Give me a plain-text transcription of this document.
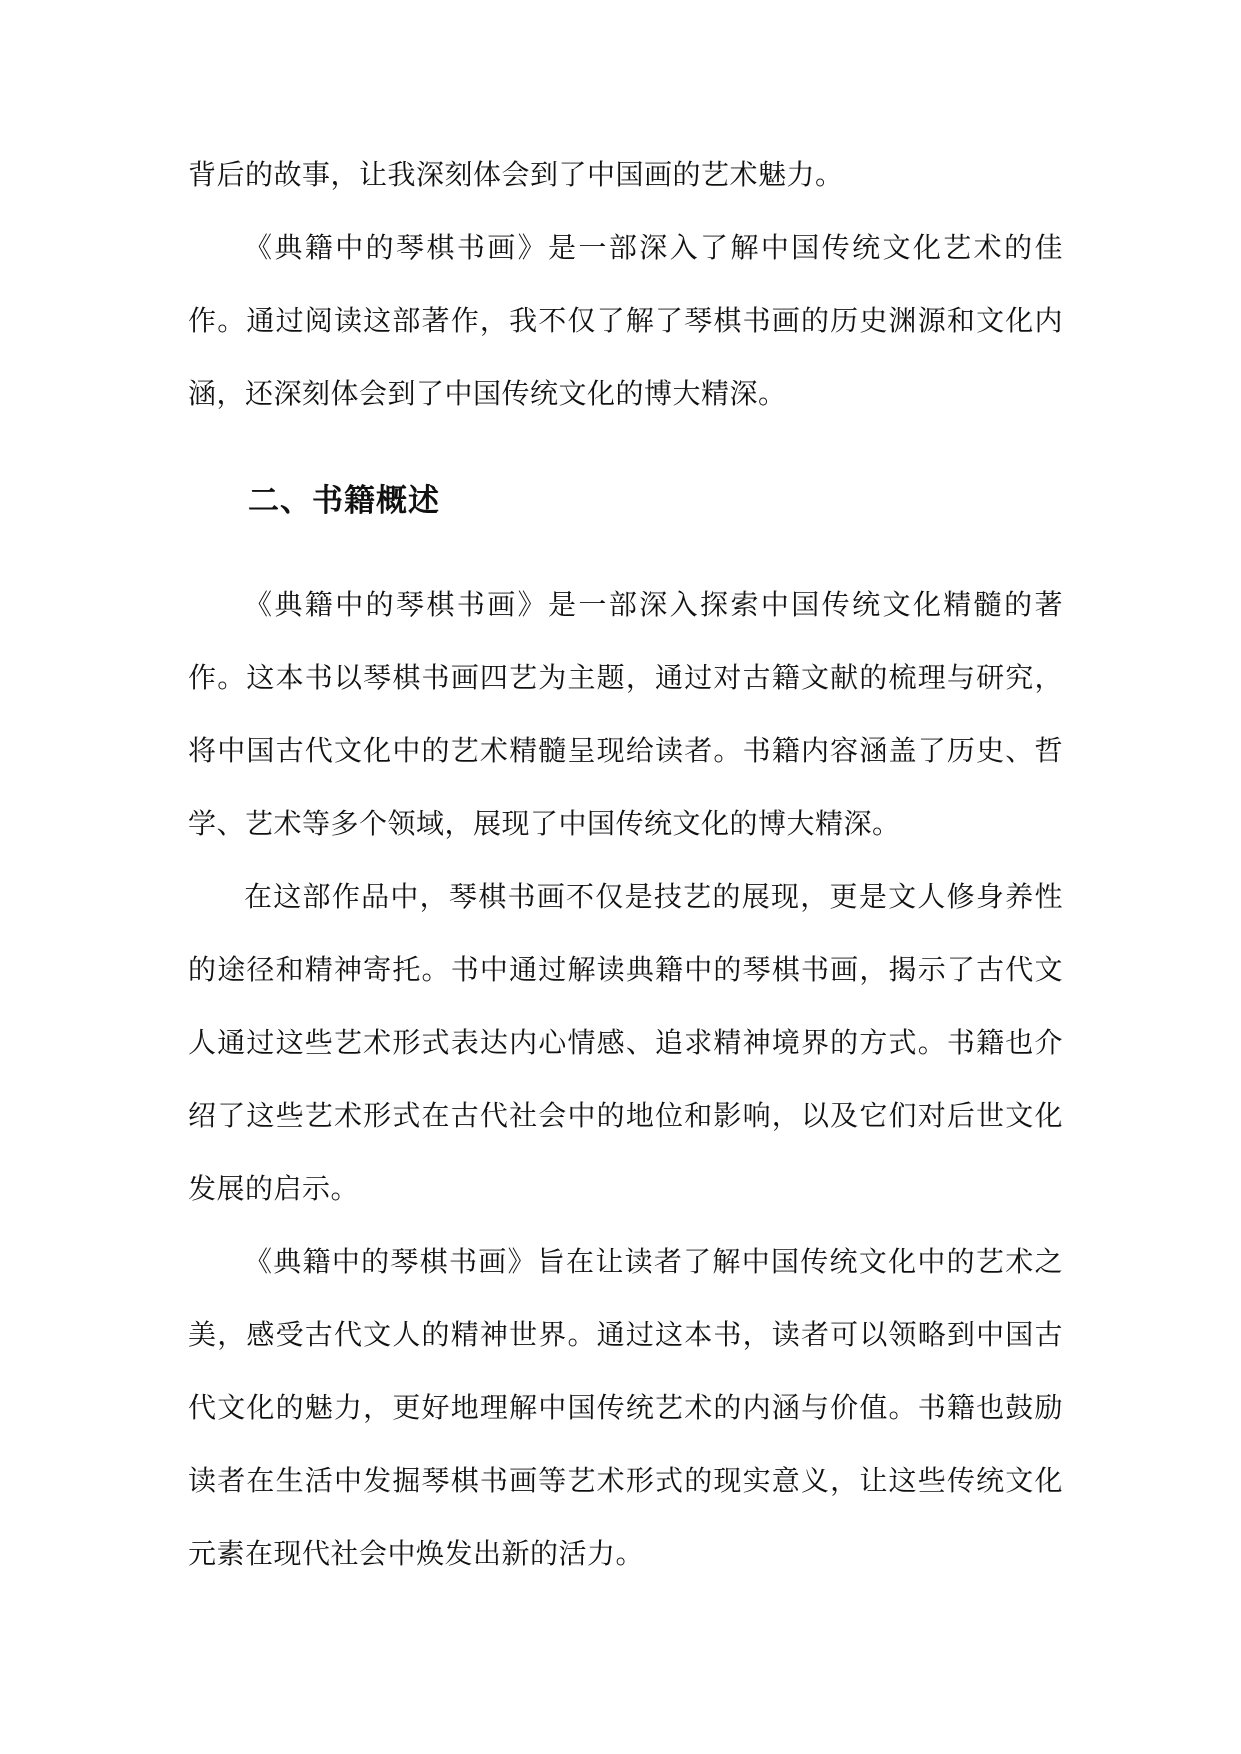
背后的故事，让我深刻体会到了中国画的艺术魅力。

《典籍中的琴棋书画》是一部深入了解中国传统文化艺术的佳作。通过阅读这部著作，我不仅了解了琴棋书画的历史渊源和文化内涵，还深刻体会到了中国传统文化的博大精深。

二、书籍概述

《典籍中的琴棋书画》是一部深入探索中国传统文化精髓的著作。这本书以琴棋书画四艺为主题，通过对古籍文献的梳理与研究，将中国古代文化中的艺术精髓呈现给读者。书籍内容涵盖了历史、哲学、艺术等多个领域，展现了中国传统文化的博大精深。

在这部作品中，琴棋书画不仅是技艺的展现，更是文人修身养性的途径和精神寄托。书中通过解读典籍中的琴棋书画，揭示了古代文人通过这些艺术形式表达内心情感、追求精神境界的方式。书籍也介绍了这些艺术形式在古代社会中的地位和影响，以及它们对后世文化发展的启示。

《典籍中的琴棋书画》旨在让读者了解中国传统文化中的艺术之美，感受古代文人的精神世界。通过这本书，读者可以领略到中国古代文化的魅力，更好地理解中国传统艺术的内涵与价值。书籍也鼓励读者在生活中发掘琴棋书画等艺术形式的现实意义，让这些传统文化元素在现代社会中焕发出新的活力。
